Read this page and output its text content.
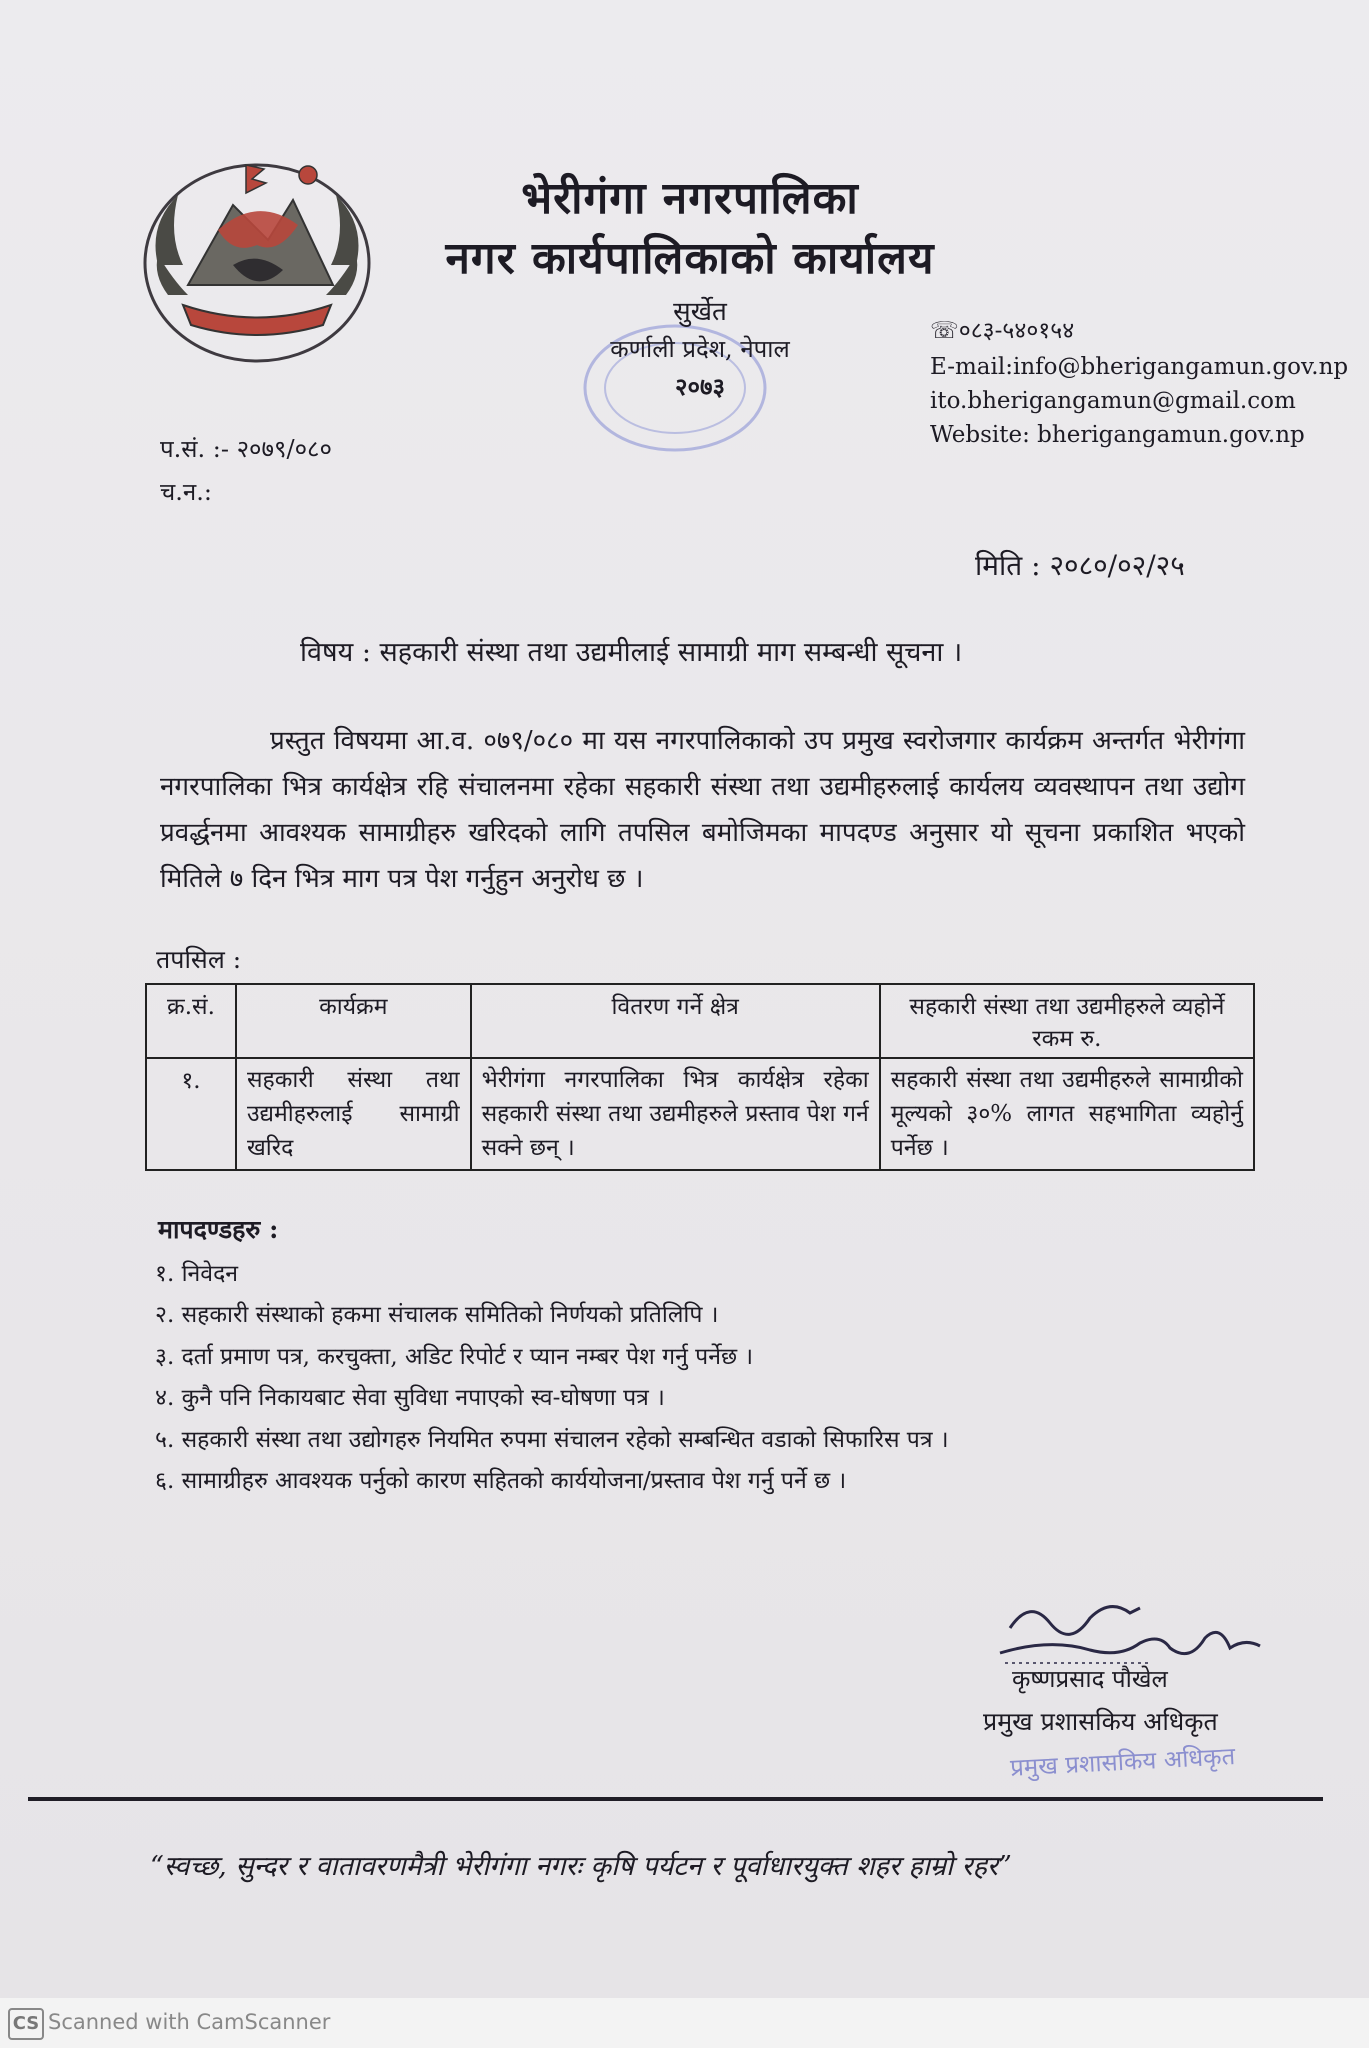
भेरीगंगा नगरपालिका
नगर कार्यपालिकाको कार्यालय
सुर्खेत
कर्णाली प्रदेश, नेपाल
२०७३
☏०८३-५४०१५४
E-mail:info@bherigangamun.gov.np
ito.bherigangamun@gmail.com
Website: bherigangamun.gov.np
प.सं. :- २०७९/०८०
च.न.:
मिति : २०८०/०२/२५
विषय : सहकारी संस्था तथा उद्यमीलाई सामाग्री माग सम्बन्धी सूचना ।
प्रस्तुत विषयमा आ.व. ०७९/०८० मा यस नगरपालिकाको उप प्रमुख स्वरोजगार कार्यक्रम अन्तर्गत भेरीगंगा नगरपालिका भित्र कार्यक्षेत्र रहि संचालनमा रहेका सहकारी संस्था तथा उद्यमीहरुलाई कार्यलय व्यवस्थापन तथा उद्योग प्रवर्द्धनमा आवश्यक सामाग्रीहरु खरिदको लागि तपसिल बमोजिमका मापदण्ड अनुसार यो सूचना प्रकाशित भएको मितिले ७ दिन भित्र माग पत्र पेश गर्नुहुन अनुरोध छ ।
तपसिल :
क्र.सं.	कार्यक्रम	वितरण गर्ने क्षेत्र	सहकारी संस्था तथा उद्यमीहरुले व्यहोर्ने रकम रु.
१.	सहकारी संस्था तथा उद्यमीहरुलाई सामाग्री खरिद	भेरीगंगा नगरपालिका भित्र कार्यक्षेत्र रहेका सहकारी संस्था तथा उद्यमीहरुले प्रस्ताव पेश गर्न सक्ने छन् ।	सहकारी संस्था तथा उद्यमीहरुले सामाग्रीको मूल्यको ३०% लागत सहभागिता व्यहोर्नु पर्नेछ ।
मापदण्डहरु :
१. निवेदन
२. सहकारी संस्थाको हकमा संचालक समितिको निर्णयको प्रतिलिपि ।
३. दर्ता प्रमाण पत्र, करचुक्ता, अडिट रिपोर्ट र प्यान नम्बर पेश गर्नु पर्नेछ ।
४. कुनै पनि निकायबाट सेवा सुविधा नपाएको स्व-घोषणा पत्र ।
५. सहकारी संस्था तथा उद्योगहरु नियमित रुपमा संचालन रहेको सम्बन्धित वडाको सिफारिस पत्र ।
६. सामाग्रीहरु आवश्यक पर्नुको कारण सहितको कार्ययोजना/प्रस्ताव पेश गर्नु पर्ने छ ।
कृष्णप्रसाद पौखेल
प्रमुख प्रशासकिय अधिकृत
प्रमुख प्रशासकिय अधिकृत
“स्वच्छ, सुन्दर र वातावरणमैत्री भेरीगंगा नगरः कृषि पर्यटन र पूर्वाधारयुक्त शहर हाम्रो रहर”
CS Scanned with CamScanner
